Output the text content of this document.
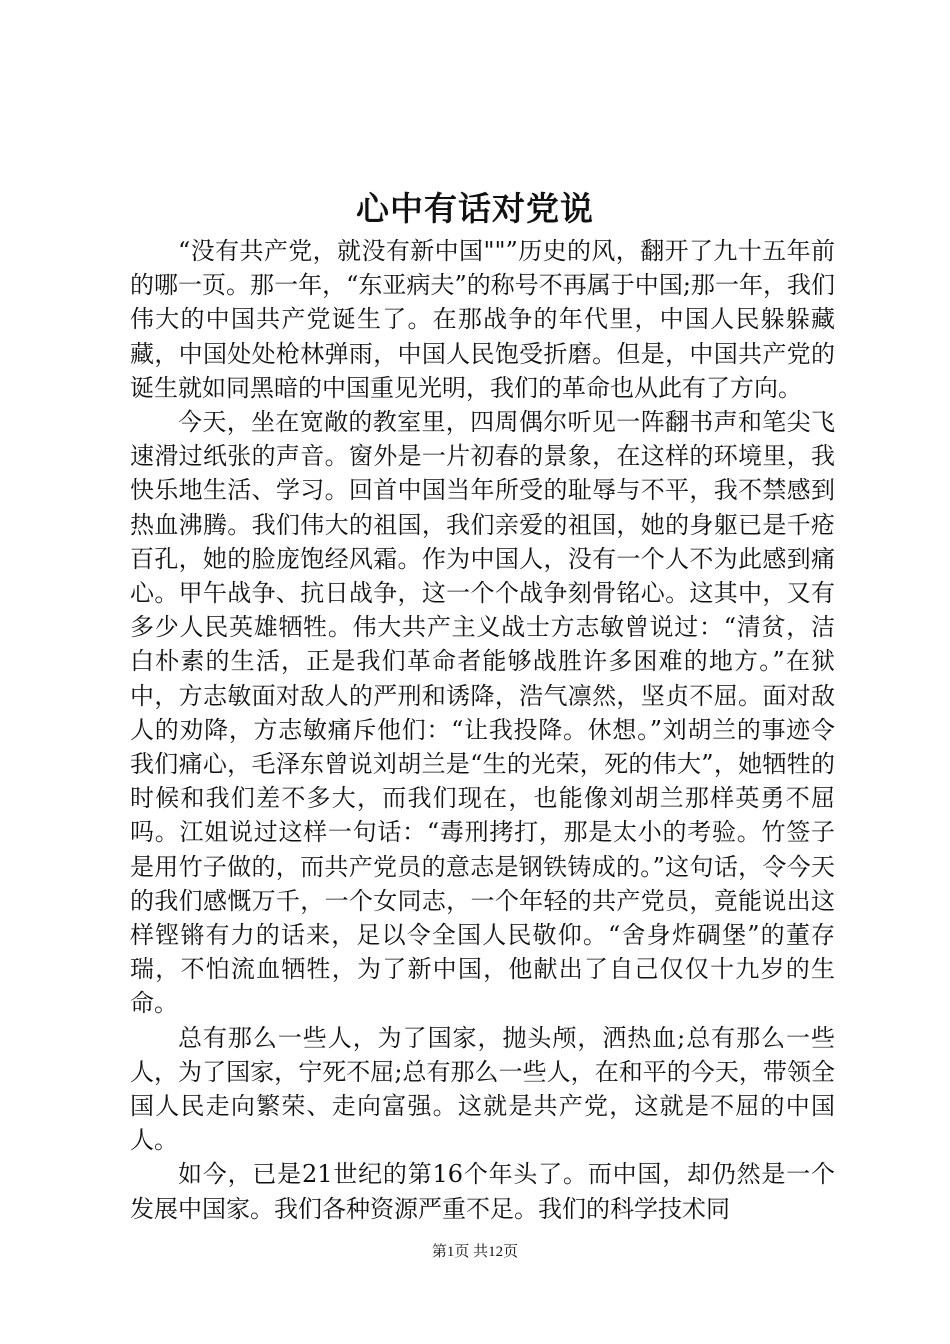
心中有话对党说

“没有共产党，就没有新中国""”历史的风，翻开了九十五年前的哪一页。那一年，“东亚病夫”的称号不再属于中国;那一年，我们伟大的中国共产党诞生了。在那战争的年代里，中国人民躲躲藏藏，中国处处枪林弹雨，中国人民饱受折磨。但是，中国共产党的诞生就如同黑暗的中国重见光明，我们的革命也从此有了方向。

今天，坐在宽敞的教室里，四周偶尔听见一阵翻书声和笔尖飞速滑过纸张的声音。窗外是一片初春的景象，在这样的环境里，我快乐地生活、学习。回首中国当年所受的耻辱与不平，我不禁感到热血沸腾。我们伟大的祖国，我们亲爱的祖国，她的身躯已是千疮百孔，她的脸庞饱经风霜。作为中国人，没有一个人不为此感到痛心。甲午战争、抗日战争，这一个个战争刻骨铭心。这其中，又有多少人民英雄牺牲。伟大共产主义战士方志敏曾说过：“清贫，洁白朴素的生活，正是我们革命者能够战胜许多困难的地方。”在狱中，方志敏面对敌人的严刑和诱降，浩气凛然，坚贞不屈。面对敌人的劝降，方志敏痛斥他们：“让我投降。休想。”刘胡兰的事迹令我们痛心，毛泽东曾说刘胡兰是“生的光荣，死的伟大”，她牺牲的时候和我们差不多大，而我们现在，也能像刘胡兰那样英勇不屈吗。江姐说过这样一句话：“毒刑拷打，那是太小的考验。竹签子是用竹子做的，而共产党员的意志是钢铁铸成的。”这句话，令今天的我们感慨万千，一个女同志，一个年轻的共产党员，竟能说出这样铿锵有力的话来，足以令全国人民敬仰。“舍身炸碉堡”的董存瑞，不怕流血牺牲，为了新中国，他献出了自己仅仅十九岁的生命。

总有那么一些人，为了国家，抛头颅，洒热血;总有那么一些人，为了国家，宁死不屈;总有那么一些人，在和平的今天，带领全国人民走向繁荣、走向富强。这就是共产党，这就是不屈的中国人。

如今，已是21世纪的第16个年头了。而中国，却仍然是一个发展中国家。我们各种资源严重不足。我们的科学技术同

第1页 共12页
